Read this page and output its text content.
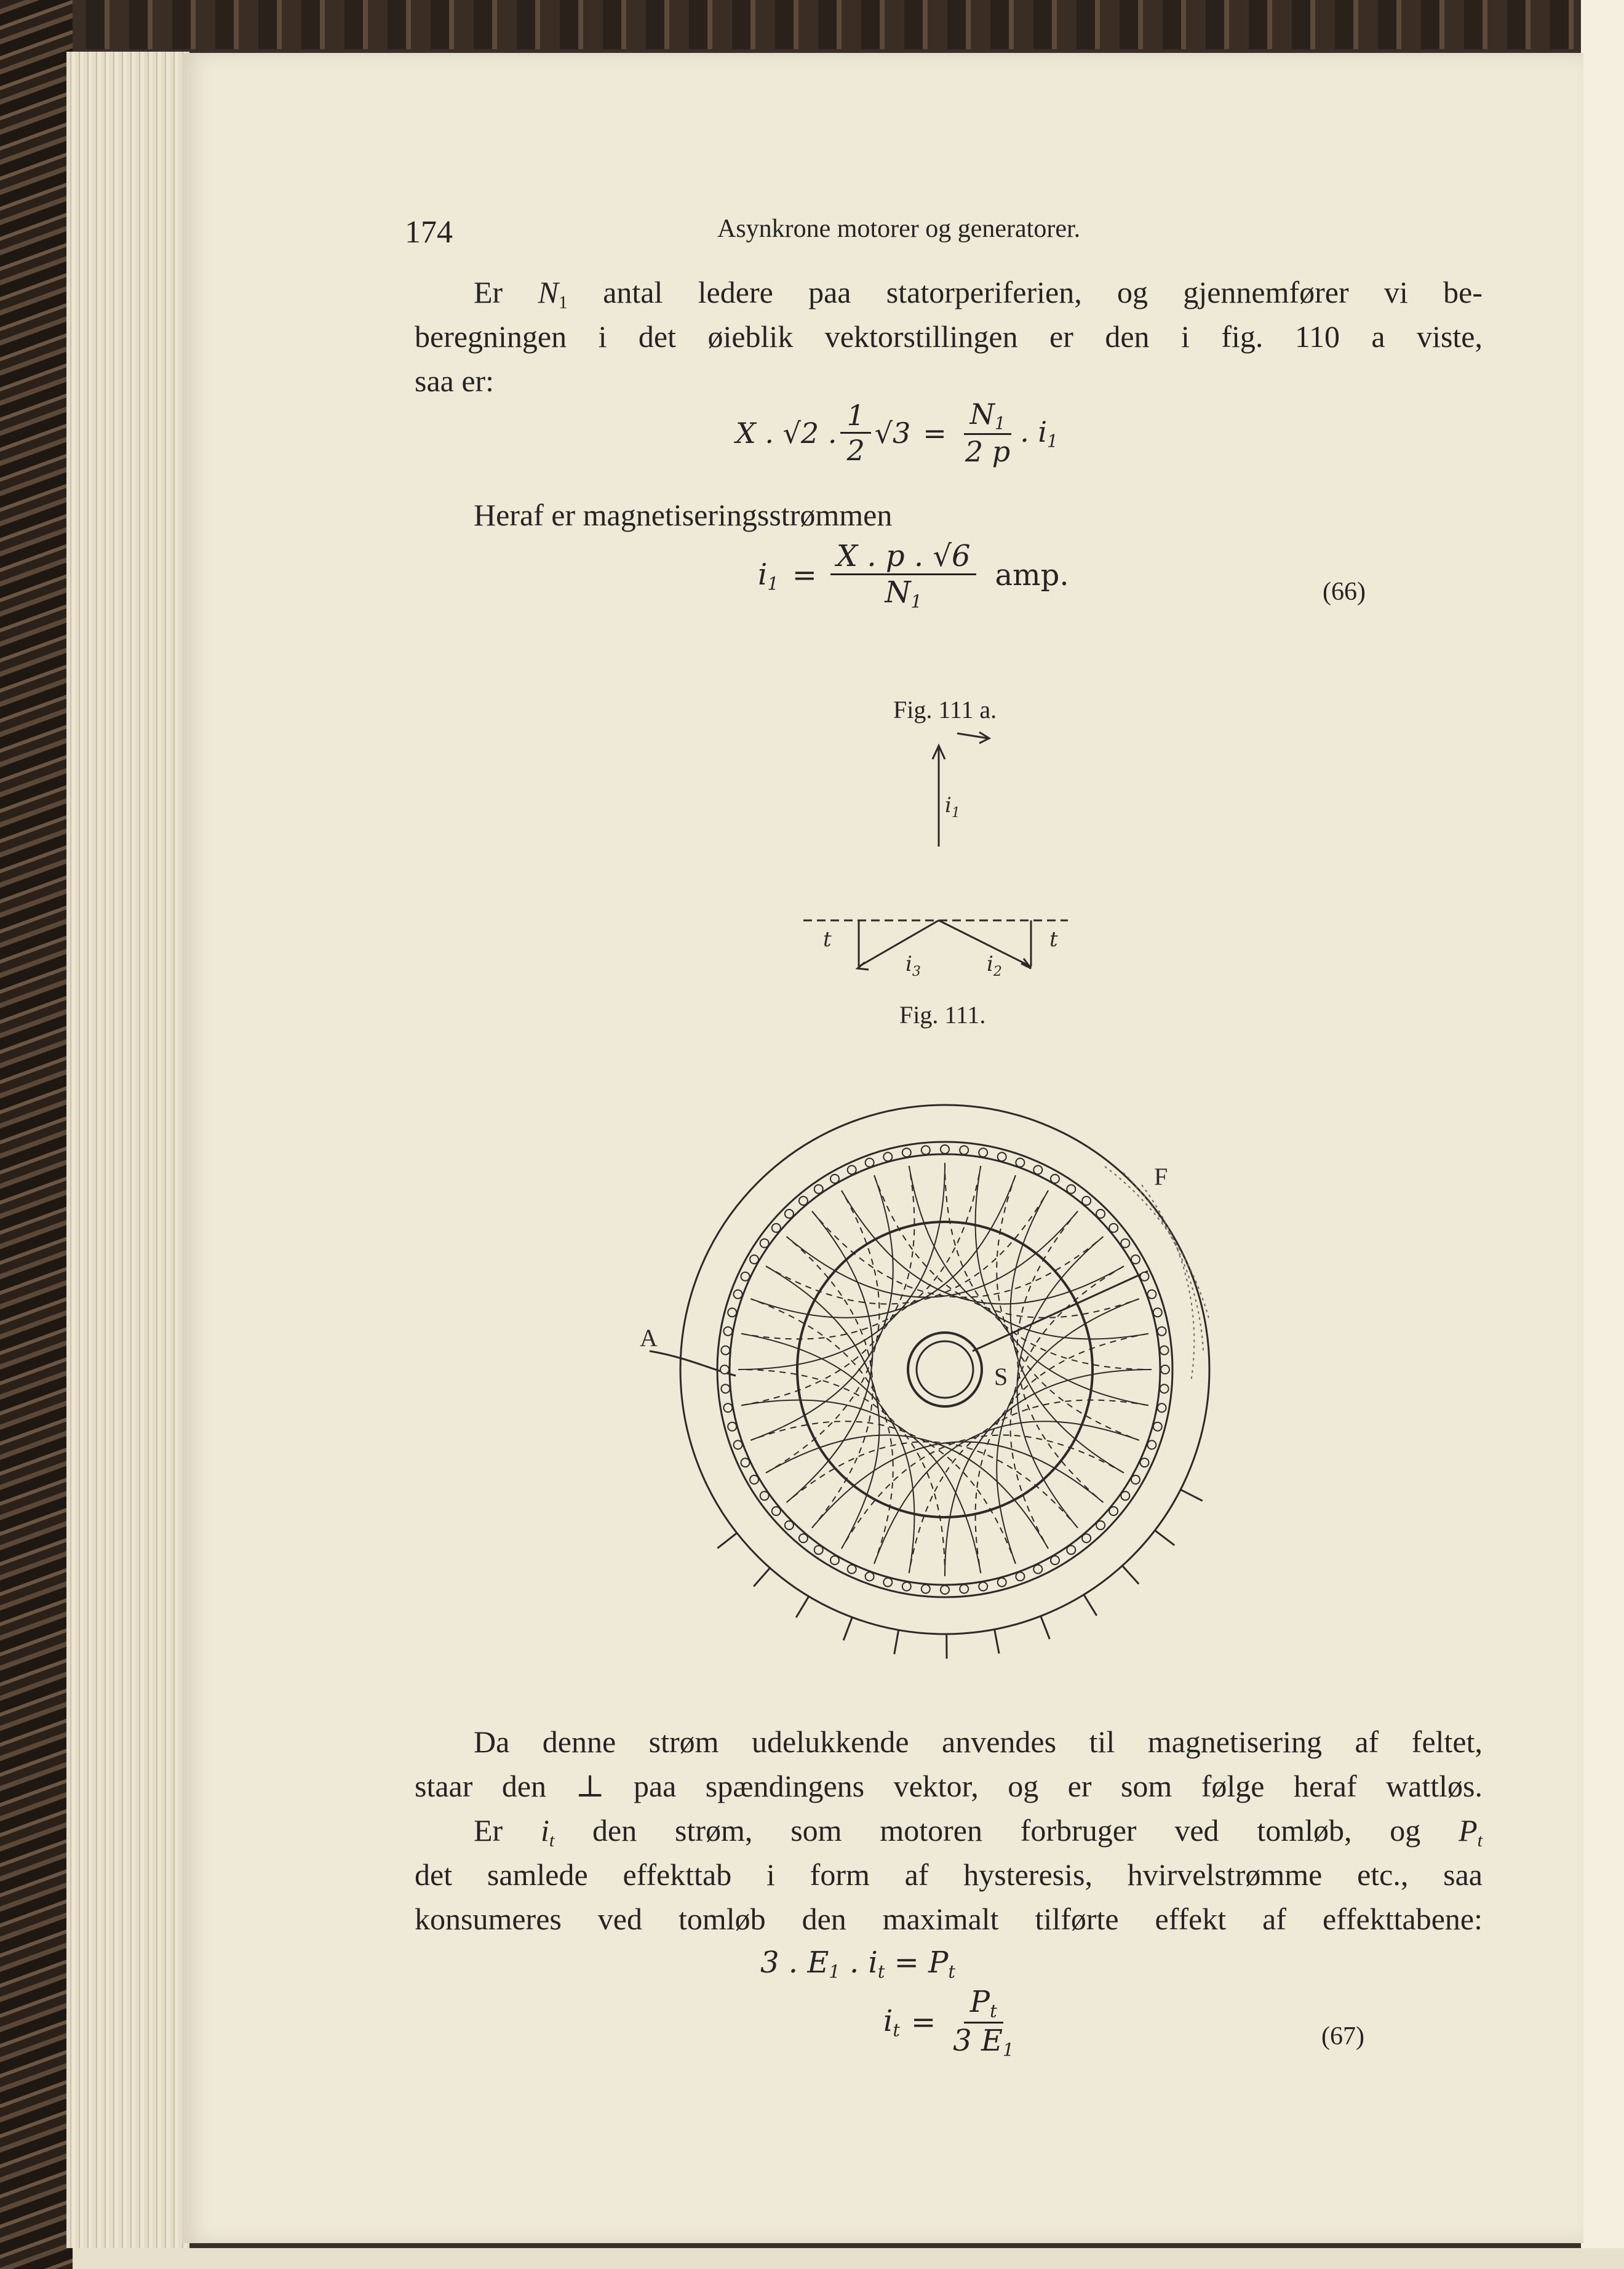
174	Asynkrone motorer og generatorer.
Er $N_1$ antal ledere paa statorperiferien, og gjennemfører vi be-
beregningen i det øieblik vektorstillingen er den i fig. 110 a viste,
saa er:
X . √2 . $\frac{1}{2} √3 = \frac{N_1}{2 p}$ . $i_1$
Heraf er magnetiseringsstrømmen
$i_1 = \frac{X . p . √6}{N_1}$ amp.	(66)
Fig. 111 a.
$i_1$
t	t
$i_3$	$i_2$
Fig. 111.
A
F
S
Da denne strøm udelukkende anvendes til magnetisering af feltet,
staar den ⊥ paa spændingens vektor, og er som følge heraf wattløs.
Er $i_t$ den strøm, som motoren forbruger ved tomløb, og $P_t$
det samlede effekttab i form af hysteresis, hvirvelstrømme etc., saa
konsumeres ved tomløb den maximalt tilførte effekt af effekttabene:
3 . $E_1$ . $i_t = P_t$
$i_t = \frac{P_t}{3 E_1}$	(67)
